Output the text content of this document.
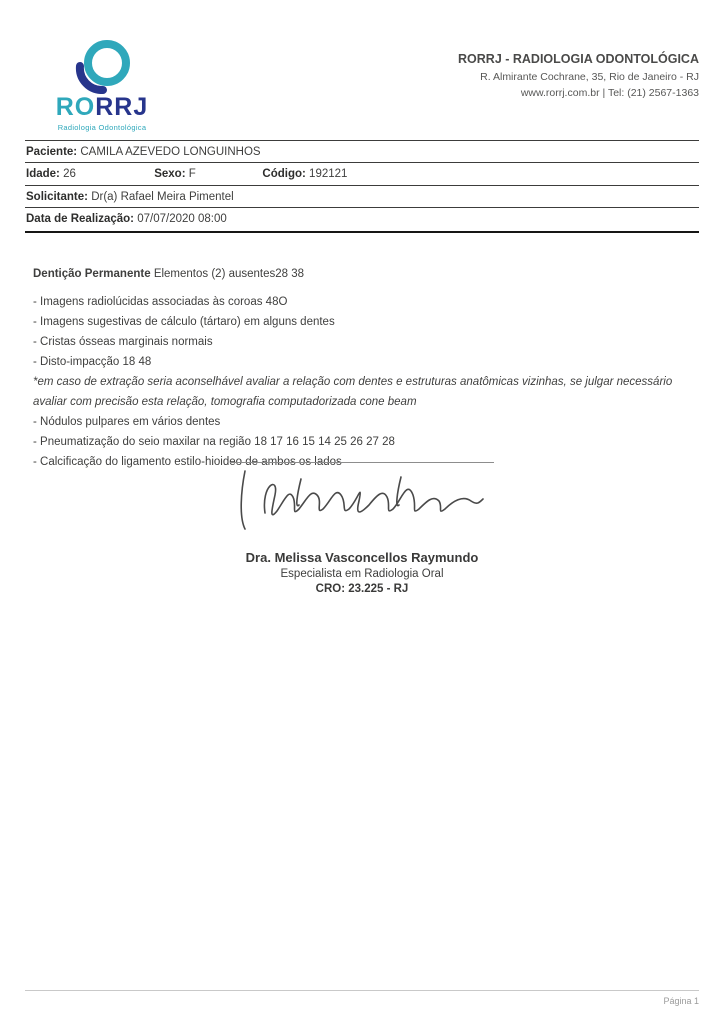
RORRJ
Radiologia Odontológica
RORRJ - RADIOLOGIA ODONTOLÓGICA
R. Almirante Cochrane, 35, Rio de Janeiro - RJ
www.rorrj.com.br | Tel: (21) 2567-1363
Paciente: CAMILA AZEVEDO LONGUINHOS
Idade: 26	Sexo: F	Código: 192121
Solicitante: Dr(a) Rafael Meira Pimentel
Data de Realização: 07/07/2020 08:00
Dentição Permanente Elementos (2) ausentes28 38
- Imagens radiolúcidas associadas às coroas 48O
- Imagens sugestivas de cálculo (tártaro) em alguns dentes
- Cristas ósseas marginais normais
- Disto-impacção 18 48
*em caso de extração seria aconselhável avaliar a relação com dentes e estruturas anatômicas vizinhas, se julgar necessário avaliar com precisão esta relação, tomografia computadorizada cone beam
- Nódulos pulpares em vários dentes
- Pneumatização do seio maxilar na região 18 17 16 15 14 25 26 27 28
- Calcificação do ligamento estilo-hioideo de ambos os lados
Dra. Melissa Vasconcellos Raymundo
Especialista em Radiologia Oral
CRO: 23.225 - RJ
Página 1
